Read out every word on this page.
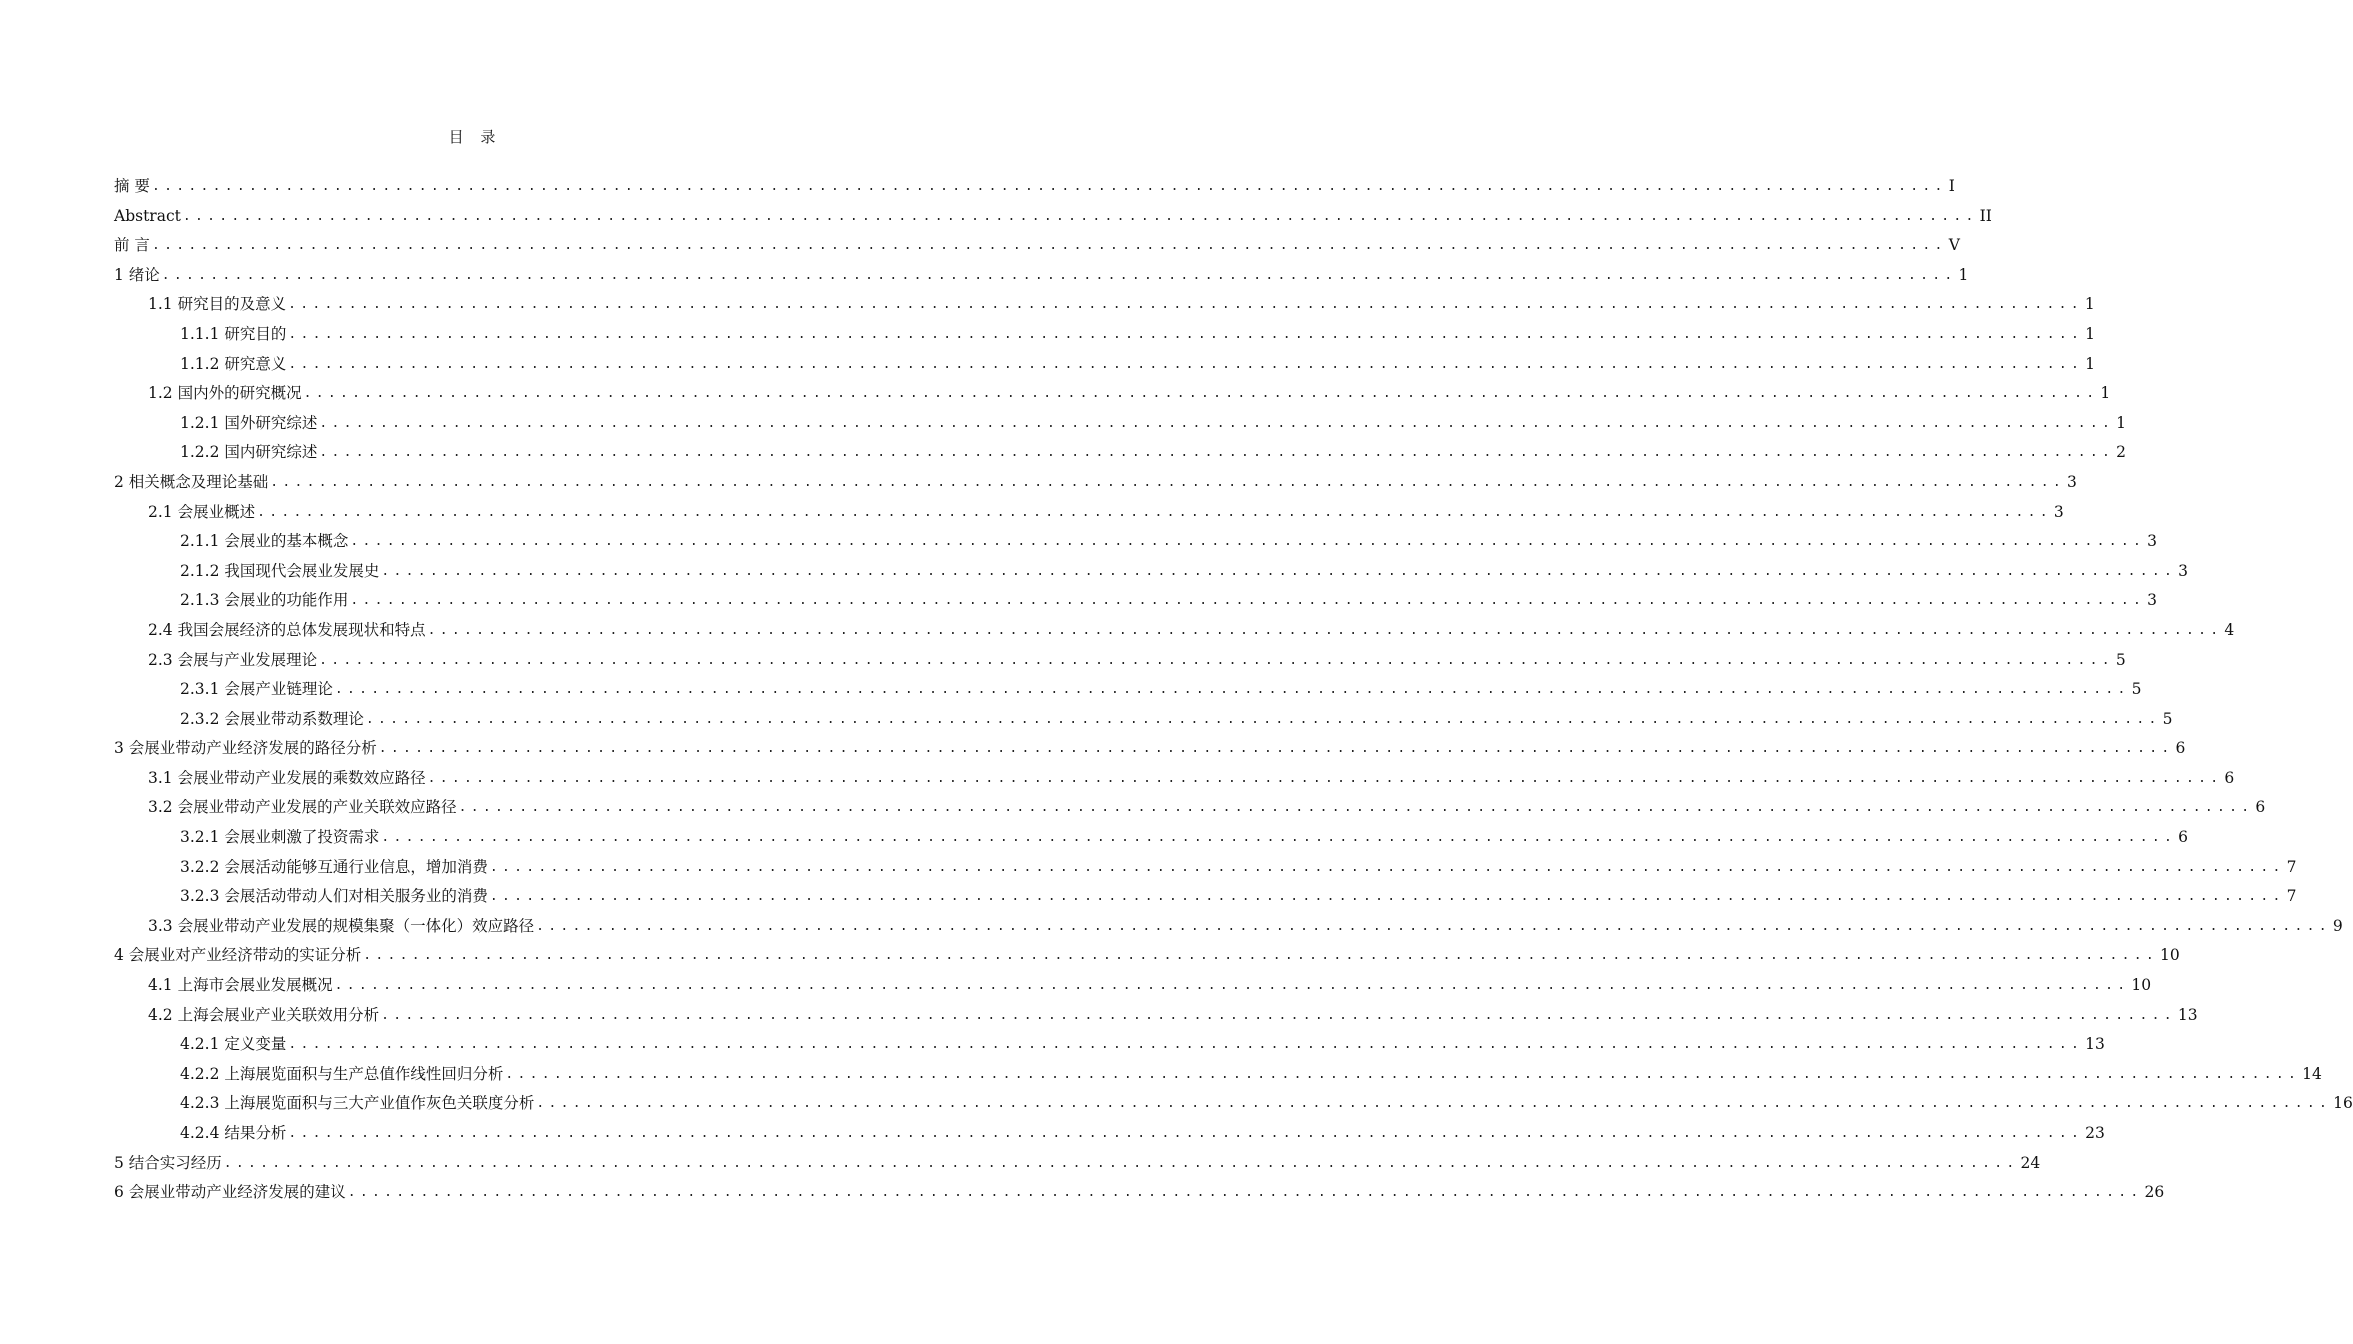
目 录
摘 要 .................................................................................................................................................... I
Abstract .................................................................................................................................................... II
前 言 .................................................................................................................................................... V
1 绪论 .................................................................................................................................................... 1
1.1 研究目的及意义 .................................................................................................................................................... 1
1.1.1 研究目的 .................................................................................................................................................... 1
1.1.2 研究意义 .................................................................................................................................................... 1
1.2 国内外的研究概况 .................................................................................................................................................... 1
1.2.1 国外研究综述 .................................................................................................................................................... 1
1.2.2 国内研究综述 .................................................................................................................................................... 2
2 相关概念及理论基础 .................................................................................................................................................... 3
2.1 会展业概述 .................................................................................................................................................... 3
2.1.1 会展业的基本概念 .................................................................................................................................................... 3
2.1.2 我国现代会展业发展史 .................................................................................................................................................... 3
2.1.3 会展业的功能作用 .................................................................................................................................................... 3
2.4 我国会展经济的总体发展现状和特点 .................................................................................................................................................... 4
2.3 会展与产业发展理论 .................................................................................................................................................... 5
2.3.1 会展产业链理论 .................................................................................................................................................... 5
2.3.2 会展业带动系数理论 .................................................................................................................................................... 5
3 会展业带动产业经济发展的路径分析 .................................................................................................................................................... 6
3.1 会展业带动产业发展的乘数效应路径 .................................................................................................................................................... 6
3.2 会展业带动产业发展的产业关联效应路径 .................................................................................................................................................... 6
3.2.1 会展业刺激了投资需求 .................................................................................................................................................... 6
3.2.2 会展活动能够互通行业信息，增加消费 .................................................................................................................................................... 7
3.2.3 会展活动带动人们对相关服务业的消费 .................................................................................................................................................... 7
3.3 会展业带动产业发展的规模集聚（一体化）效应路径 .................................................................................................................................................... 9
4 会展业对产业经济带动的实证分析 .................................................................................................................................................... 10
4.1 上海市会展业发展概况 .................................................................................................................................................... 10
4.2 上海会展业产业关联效用分析 .................................................................................................................................................... 13
4.2.1 定义变量 .................................................................................................................................................... 13
4.2.2 上海展览面积与生产总值作线性回归分析 .................................................................................................................................................... 14
4.2.3 上海展览面积与三大产业值作灰色关联度分析 .................................................................................................................................................... 16
4.2.4 结果分析 .................................................................................................................................................... 23
5 结合实习经历 .................................................................................................................................................... 24
6 会展业带动产业经济发展的建议 .................................................................................................................................................... 26
